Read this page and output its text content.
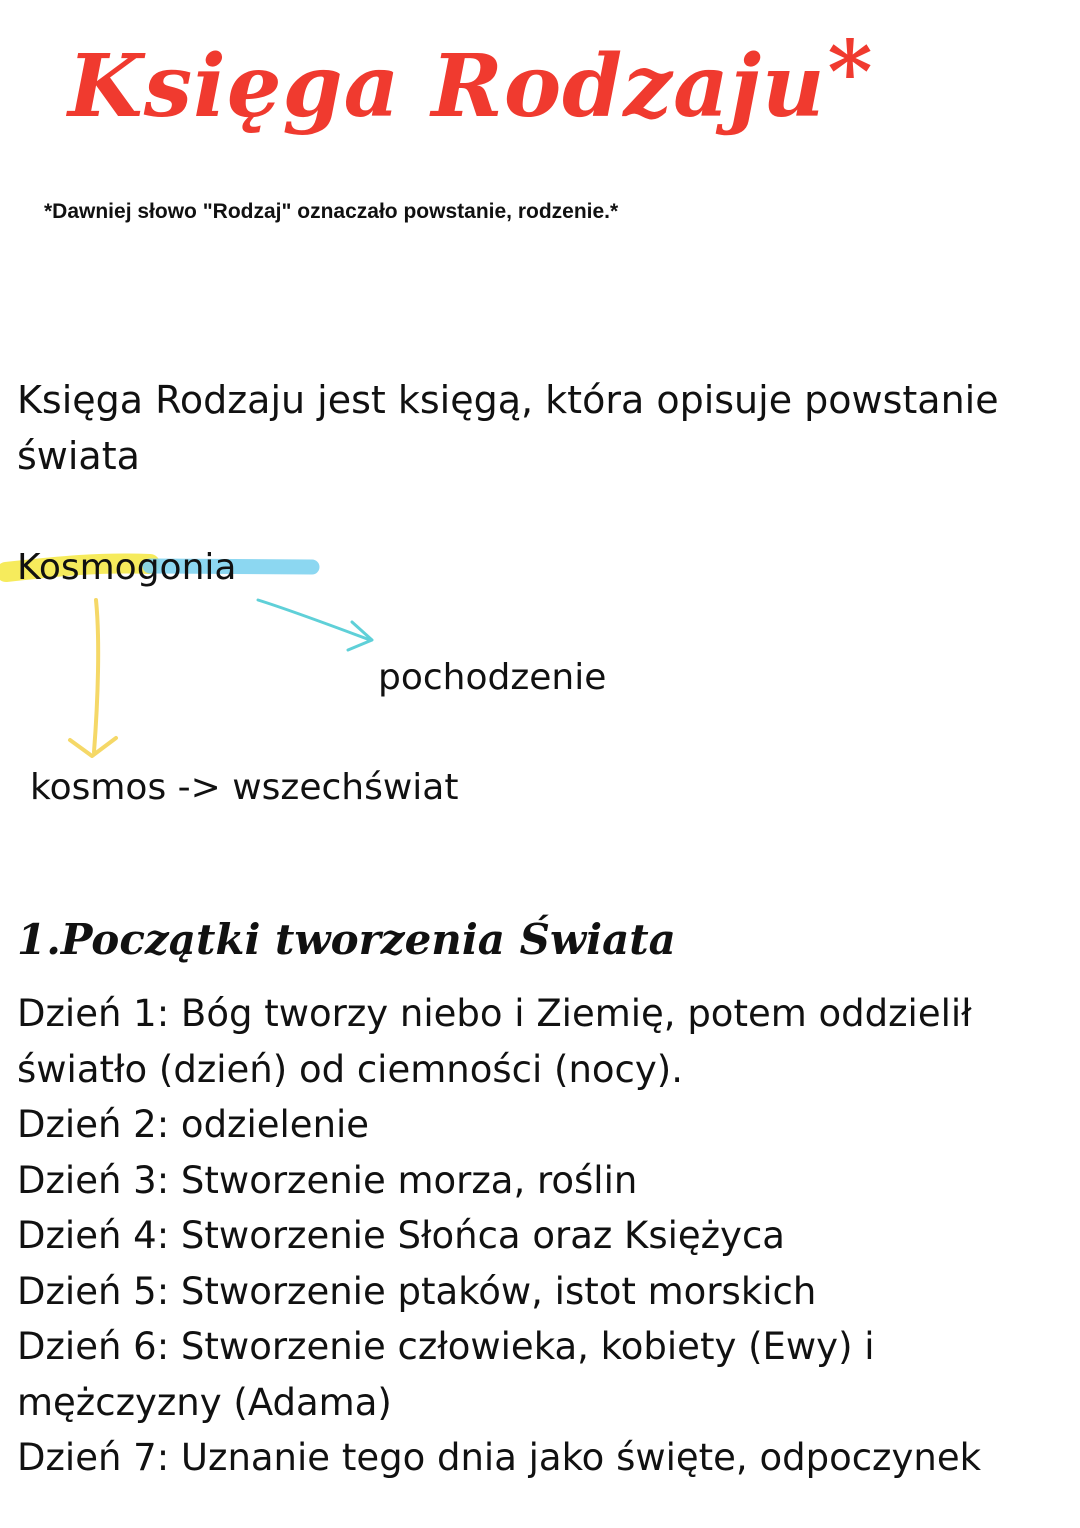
Księga Rodzaju*
*Dawniej słowo "Rodzaj" oznaczało powstanie, rodzenie.*

Księga Rodzaju jest księgą, która opisuje powstanie świata

Kosmogonia
pochodzenie
kosmos -> wszechświat
1.Początki tworzenia Świata
Dzień 1: Bóg tworzy niebo i Ziemię, potem oddzielił światło (dzień) od ciemności (nocy).
Dzień 2: odzielenie
Dzień 3: Stworzenie morza, roślin
Dzień 4: Stworzenie Słońca oraz Księżyca
Dzień 5: Stworzenie ptaków, istot morskich
Dzień 6: Stworzenie człowieka, kobiety (Ewy) i mężczyzny (Adama)
Dzień 7: Uznanie tego dnia jako święte, odpoczynek
